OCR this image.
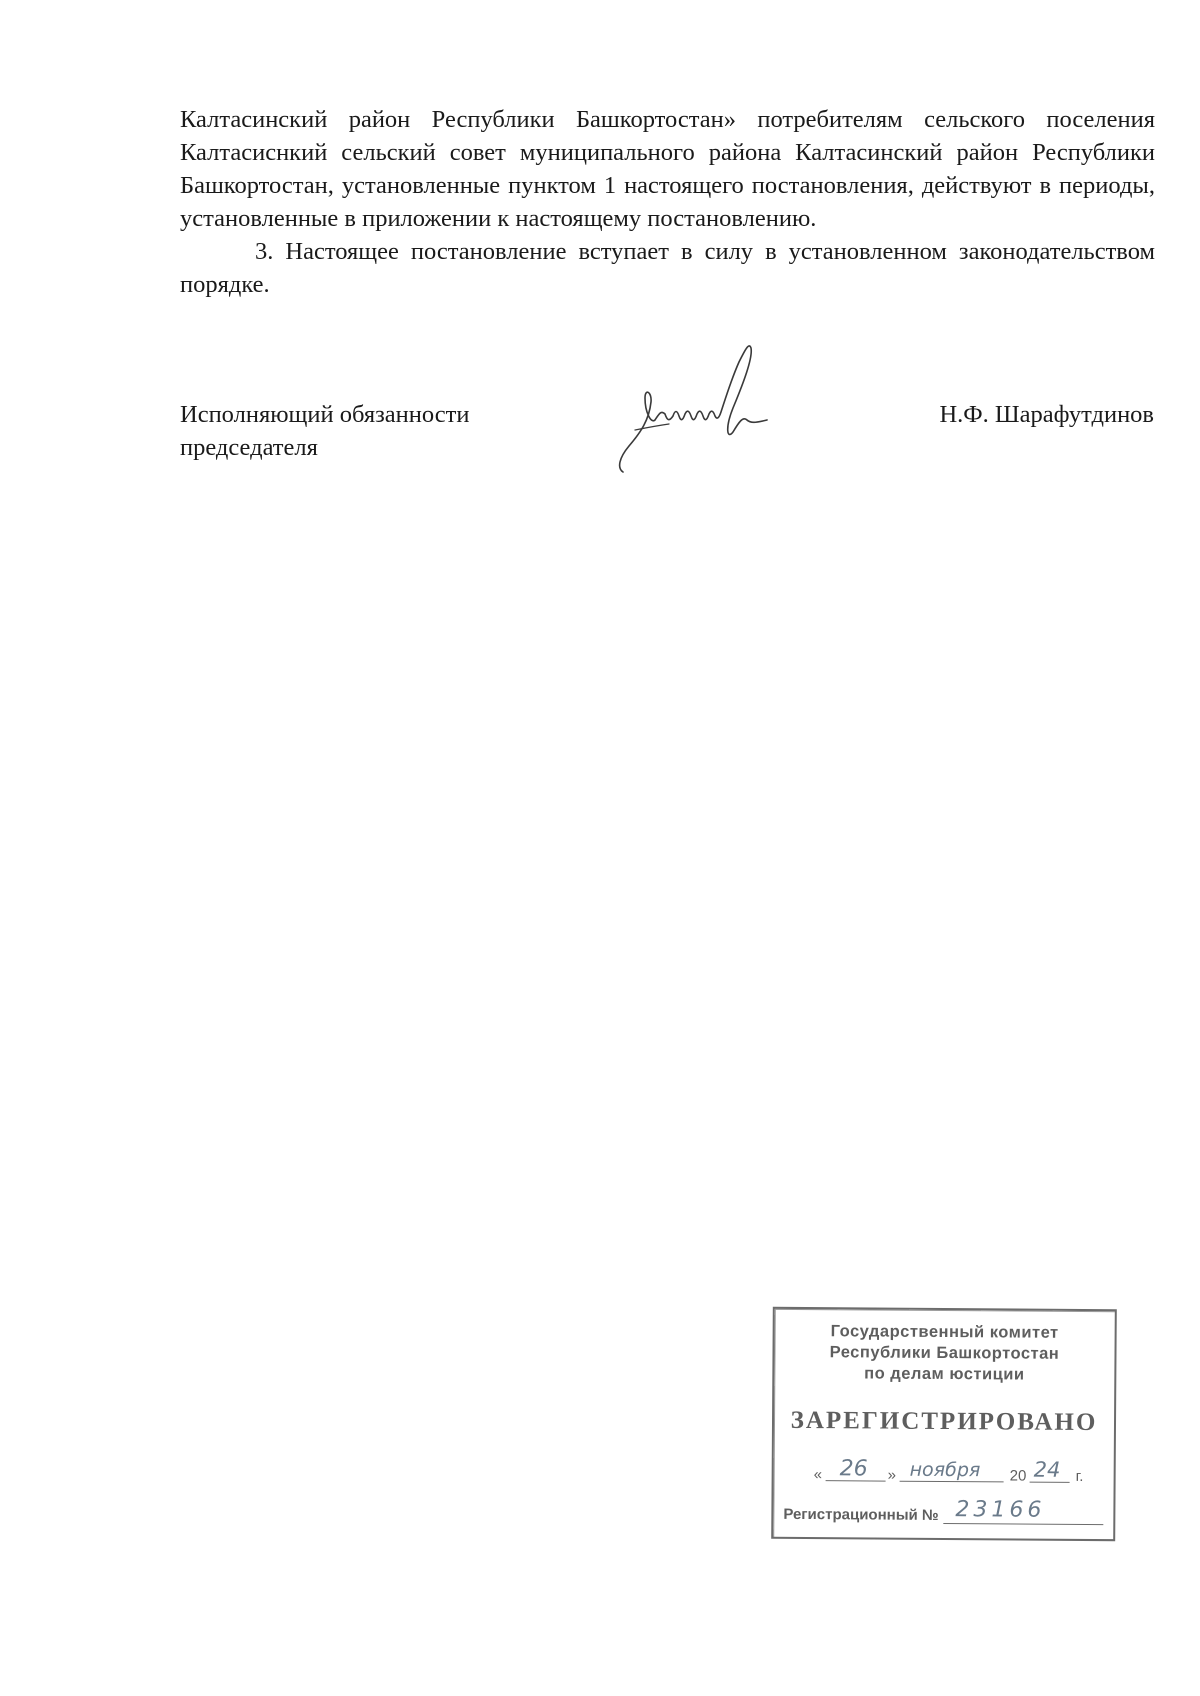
Калтасинский район Республики Башкортостан» потребителям сельского поселения Калтасиснкий сельский совет муниципального района Калтасинский район Республики Башкортостан, установленные пунктом 1 настоящего постановления, действуют в периоды, установленные в приложении к настоящему постановлению.

3. Настоящее постановление вступает в силу в установленном законодательством порядке.

Исполняющий обязанности
председателя
Н.Ф. Шарафутдинов
Государственный комитет
Республики Башкортостан
по делам юстиции
ЗАРЕГИСТРИРОВАНО
« 26 » ноября 20 24 г.
Регистрационный № 23166
